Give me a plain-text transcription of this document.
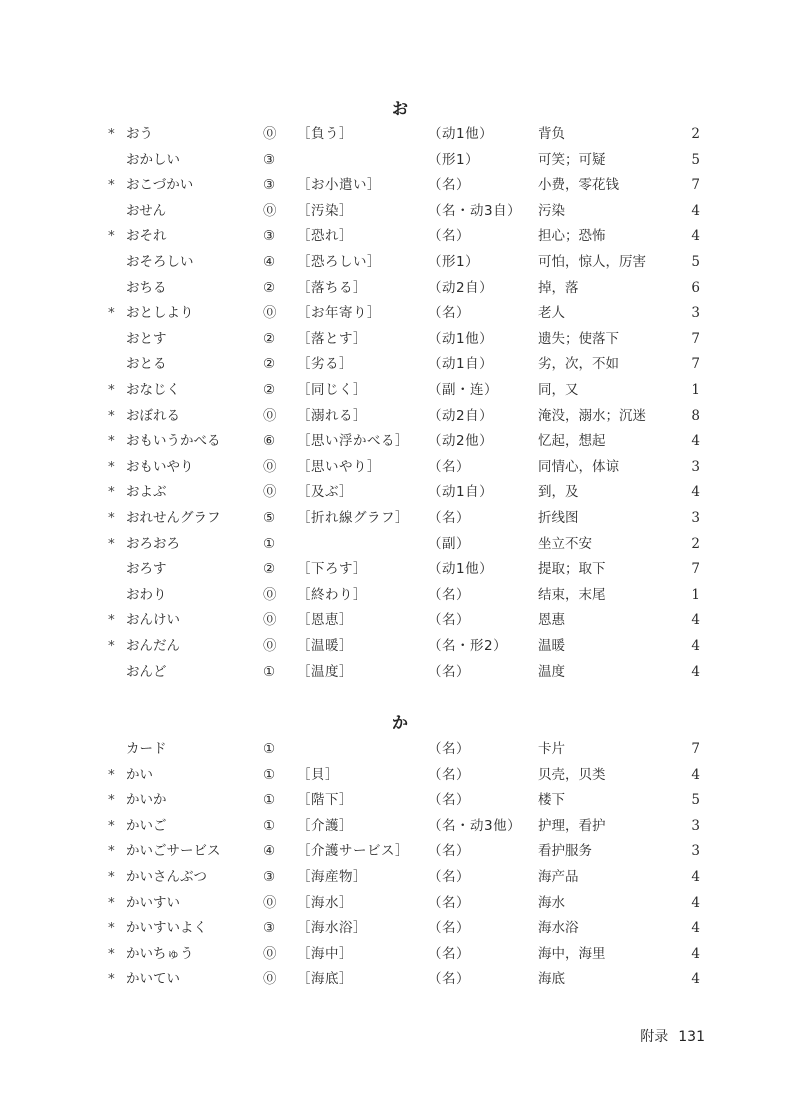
お
* おう	⓪ ［負う］	（动1他）	背负	2
おかしい	③	（形1）	可笑；可疑	5
* おこづかい	③ ［お小遣い］	（名）	小费，零花钱	7
おせん	⓪ ［汚染］	（名・动3自） 污染	4
* おそれ	③ ［恐れ］	（名）	担心；恐怖	4
おそろしい	④ ［恐ろしい］	（形1）	可怕，惊人，厉害	5
おちる	② ［落ちる］	（动2自）	掉，落	6
* おとしより	⓪ ［お年寄り］	（名）	老人	3
おとす	② ［落とす］	（动1他）	遗失；使落下	7
おとる	② ［劣る］	（动1自）	劣，次，不如	7
* おなじく	② ［同じく］	（副・连）	同，又	1
* おぼれる	⓪ ［溺れる］	（动2自）	淹没，溺水；沉迷	8
* おもいうかべる	⑥ ［思い浮かべる］ （动2他）	忆起，想起	4
* おもいやり	⓪ ［思いやり］	（名）	同情心，体谅	3
* およぶ	⓪ ［及ぶ］	（动1自）	到，及	4
* おれせんグラフ	⑤ ［折れ線グラフ］ （名）	折线图	3
* おろおろ	①	（副）	坐立不安	2
おろす	② ［下ろす］	（动1他）	提取；取下	7
おわり	⓪ ［終わり］	（名）	结束，末尾	1
* おんけい	⓪ ［恩恵］	（名）	恩惠	4
* おんだん	⓪ ［温暖］	（名・形2） 温暖	4
おんど	① ［温度］	（名）	温度	4
か
カード	①	（名）	卡片	7
* かい	① ［貝］	（名）	贝壳，贝类	4
* かいか	① ［階下］	（名）	楼下	5
* かいご	① ［介護］	（名・动3他） 护理，看护	3
* かいごサービス	④ ［介護サービス］ （名）	看护服务	3
* かいさんぶつ	③ ［海産物］	（名）	海产品	4
* かいすい	⓪ ［海水］	（名）	海水	4
* かいすいよく	③ ［海水浴］	（名）	海水浴	4
* かいちゅう	⓪ ［海中］	（名）	海中，海里	4
* かいてい	⓪ ［海底］	（名）	海底	4
附录 131
